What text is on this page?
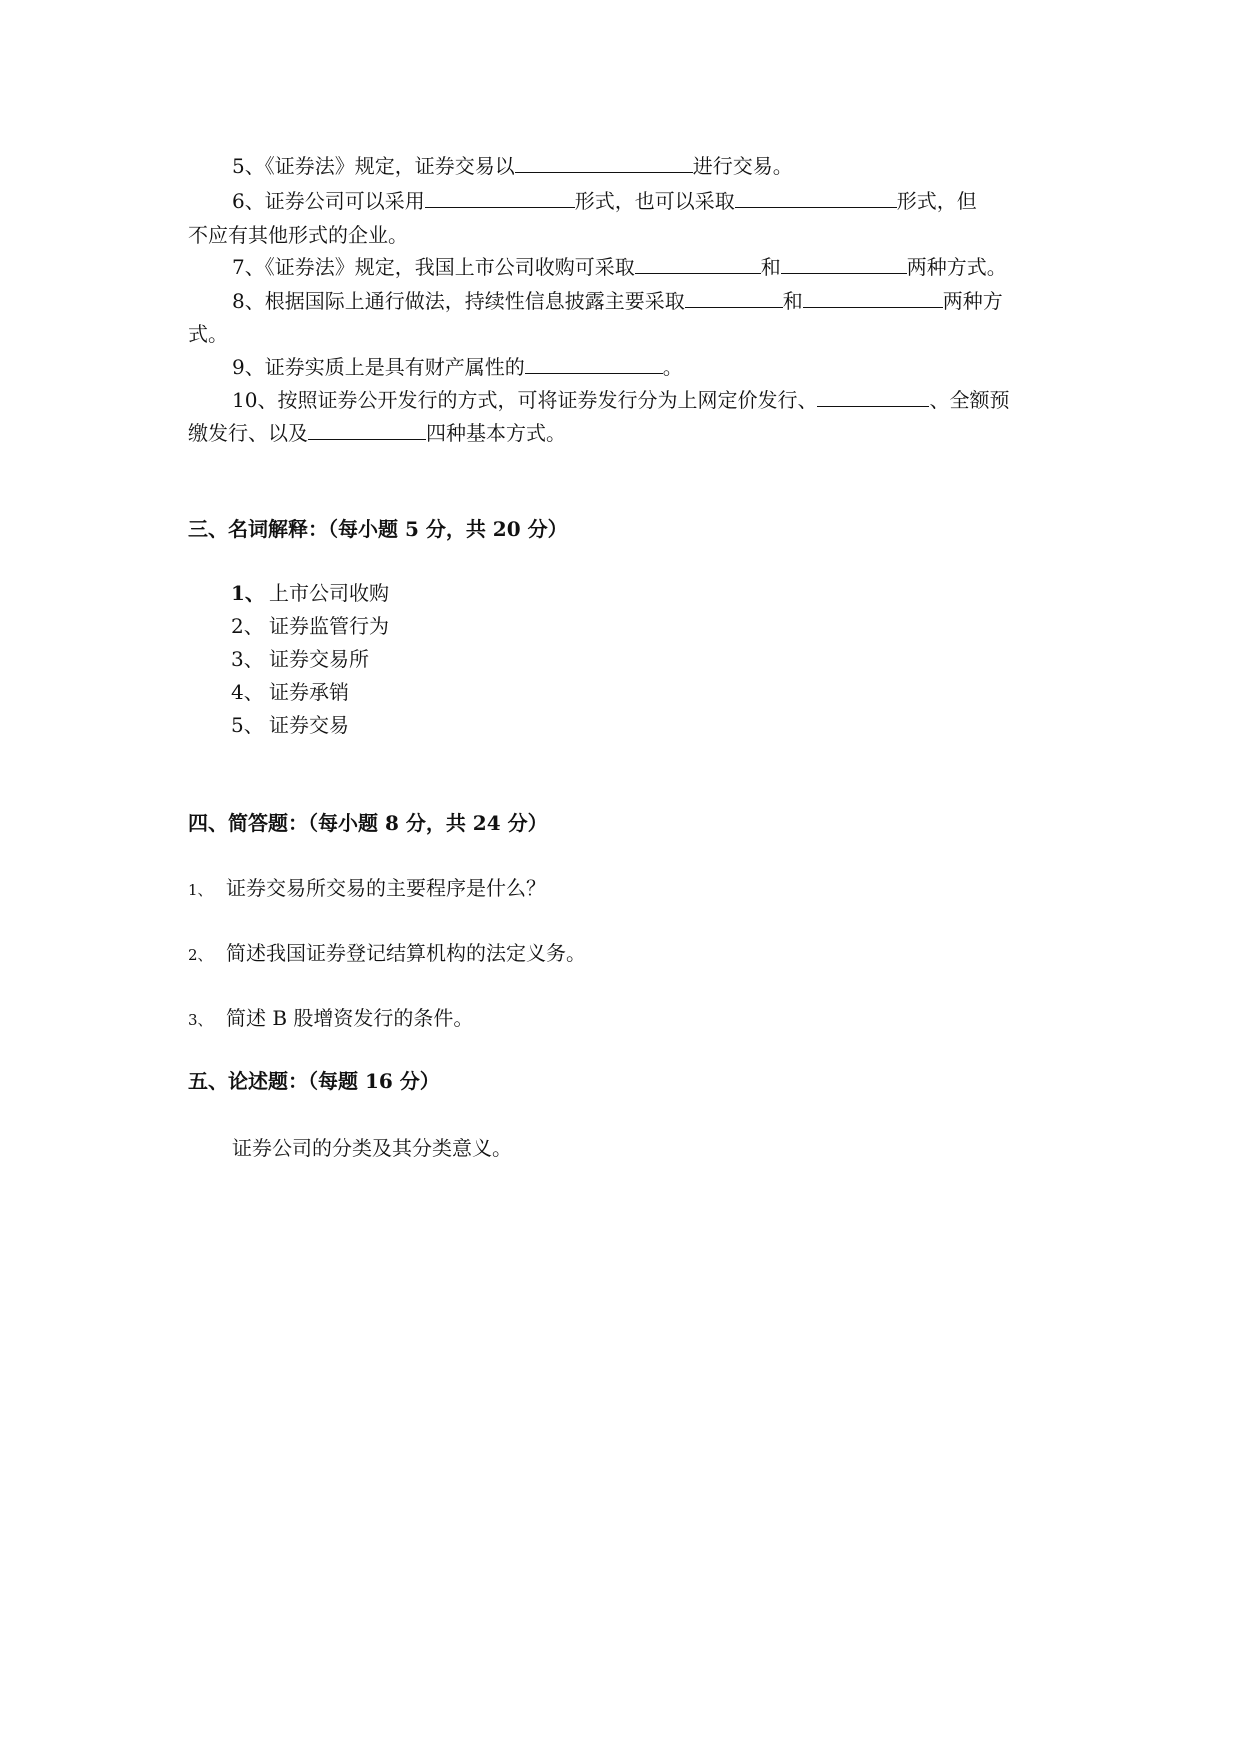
5、《证券法》规定，证券交易以	进行交易。
6、证券公司可以采用	形式，也可以采取	形式，但
不应有其他形式的企业。
7、《证券法》规定，我国上市公司收购可采取	和	两种方式。
8、根据国际上通行做法，持续性信息披露主要采取	和	两种方
式。
9、证券实质上是具有财产属性的	。
10、按照证券公开发行的方式，可将证券发行分为上网定价发行、	、全额预
缴发行、以及	四种基本方式。
三、名词解释：（每小题 5 分，共 20 分）
1、 上市公司收购
2、 证券监管行为
3、 证券交易所
4、 证券承销
5、 证券交易
四、简答题：（每小题 8 分，共 24 分）
1、 证券交易所交易的主要程序是什么？
2、 简述我国证券登记结算机构的法定义务。
3、 简述 B 股增资发行的条件。
五、论述题：（每题 16 分）
证券公司的分类及其分类意义。
